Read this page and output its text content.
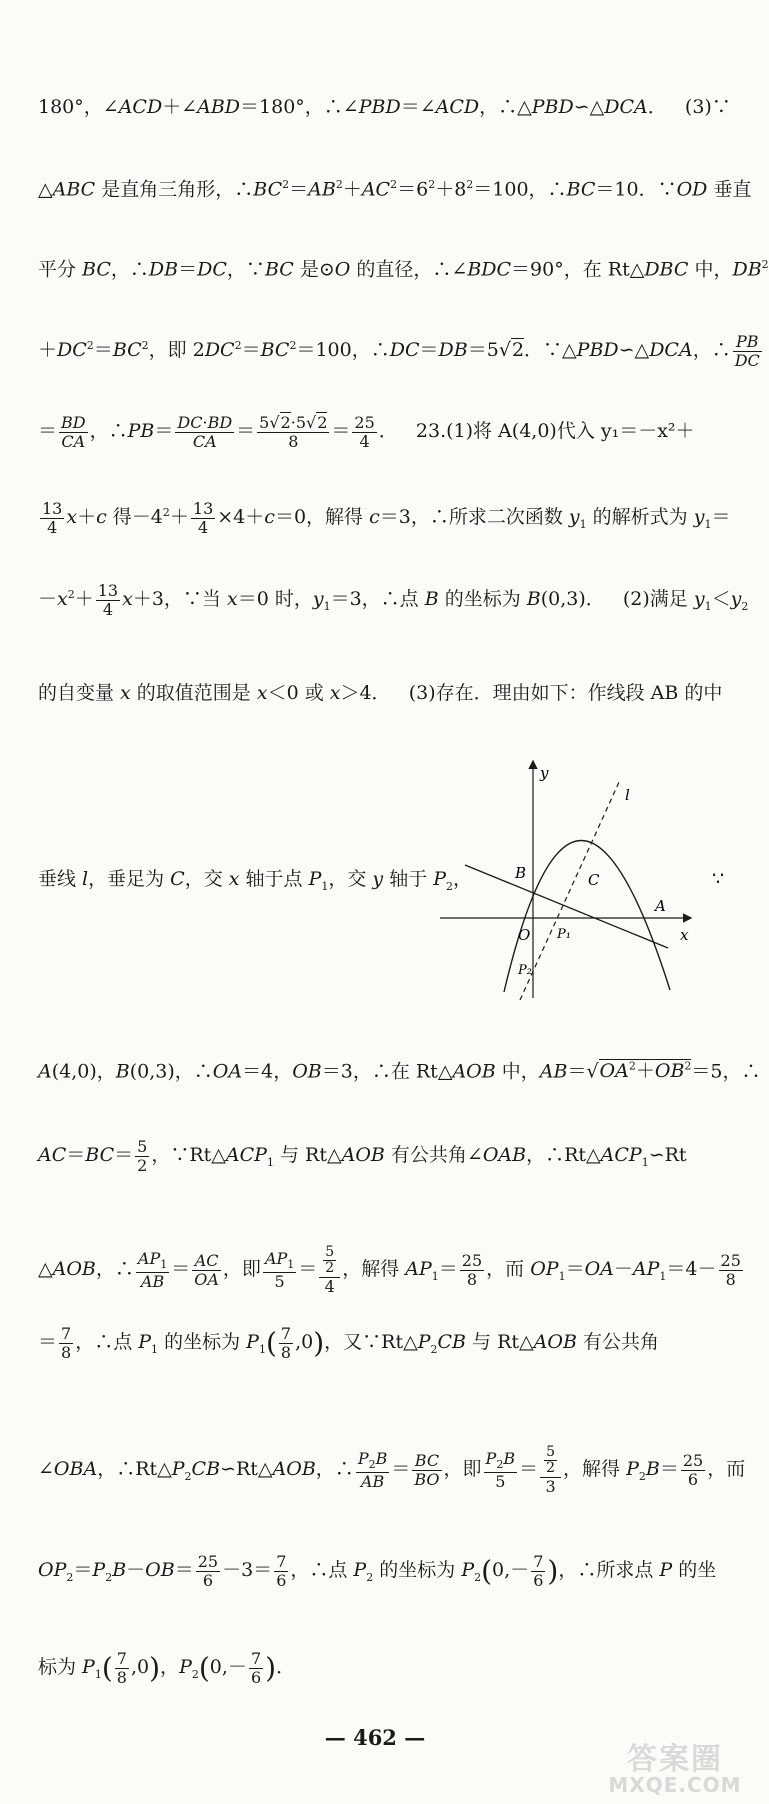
180°，∠ACD＋∠ABD＝180°，∴∠PBD＝∠ACD，∴△PBD∽△DCA．   (3)∵
△ABC 是直角三角形，$\therefore BC^2=AB^2+AC^2=6^2+8^2=100$，∴BC＝10．∵OD 垂直
平分 BC，∴DB＝DC，∵BC 是⊙O 的直径，∴∠BDC＝90°，在 Rt△DBC 中，$DB^2$
$+DC^2=BC^2$，即 $2DC^2=BC^2=100$，∴DC＝DB＝5√2．∵△PBD∽△DCA，∴ $\frac{PB}{DC}$
＝ $\frac{BD}{CA}$ ，∴PB＝ $\frac{DC\cdot BD}{CA} = \frac{5√2\cdot 5√2}{8} = \frac{25}{4}$ ．   23.(1)将 A(4,0)代入 y₁＝－x²＋
$\frac{13}{4} x+c$ 得$-4^2+ \frac{13}{4} \times 4+c=0$，解得 c＝3，∴所求二次函数 $y_1$ 的解析式为 $y_1=$
$-x^2+ \frac{13}{4} x+3$，∵当 x＝0 时，$y_1=3$，∴点 B 的坐标为 B(0,3)．   (2)满足 $y_1<y_2$
的自变量 x 的取值范围是 x＜0 或 x＞4．   (3)存在．理由如下：作线段 AB 的中
垂线 l，垂足为 C，交 x 轴于点 $P_1$，交 y 轴于 $P_2$，	∵
y
x
l
B	C
A
O P₁
P₂
A(4,0)，B(0,3)，∴OA＝4，OB＝3，∴在 Rt△AOB 中，$AB=√OA^2+OB^2=5$，∴
$AC=BC= \frac{5}{2}$ ，$\because Rt\triangle ACP_1$ 与 Rt△AOB 有公共角∠OAB，$\therefore Rt\triangle ACP_1∽Rt$
△AOB，∴ $\frac{AP_1}{AB} = \frac{AC}{OA}$ ，即 $\frac{AP_1}{5} = \frac{\frac{5}{2}}{4}$ ，解得 $AP_1= \frac{25}{8}$ ，而 $OP_1=OA-AP_1=4- \frac{25}{8}$
＝ $\frac{7}{8}$ ，∴点 $P_1$ 的坐标为 $P_1( \frac{7}{8} ,0)$，又$\because Rt\triangle P_2CB$ 与 Rt△AOB 有公共角
∠OBA，$\therefore Rt\triangle P_2CB∽Rt\triangle AOB$，∴ $\frac{P_2B}{AB} = \frac{BC}{BO}$ ，即 $\frac{P_2B}{5} = \frac{\frac{5}{2}}{3}$ ，解得 $P_2B= \frac{25}{6}$ ，而
$OP_2=P_2B-OB= \frac{25}{6} -3= \frac{7}{6}$ ，∴点 $P_2$ 的坐标为 $P_2(0,- \frac{7}{6}$ )，∴所求点 P 的坐
标为 $P_1( \frac{7}{8} ,0)$，$P_2(0,- \frac{7}{6}$ )．
— 462 —
答案圈
MXQE.COM
